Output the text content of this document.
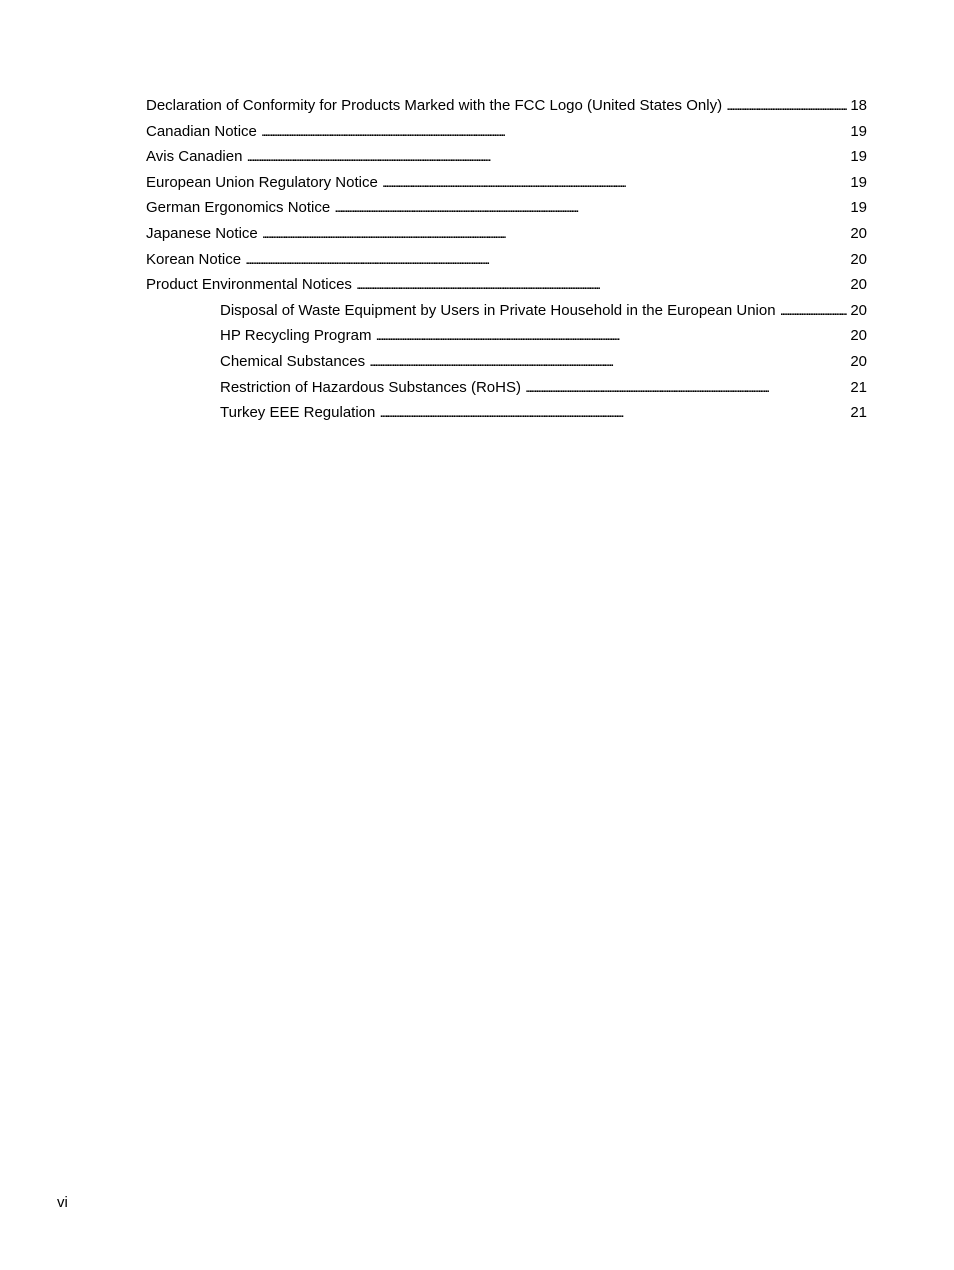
Declaration of Conformity for Products Marked with the FCC Logo (United States Only) . . .	18
Canadian Notice . . .	19
Avis Canadien . . .	19
European Union Regulatory Notice . . .	19
German Ergonomics Notice . . .	19
Japanese Notice . . .	20
Korean Notice . . .	20
Product Environmental Notices . . .	20
Disposal of Waste Equipment by Users in Private Household in the European Union . . .	20
HP Recycling Program . . .	20
Chemical Substances . . .	20
Restriction of Hazardous Substances (RoHS) . . .	21
Turkey EEE Regulation . . .	21
vi
